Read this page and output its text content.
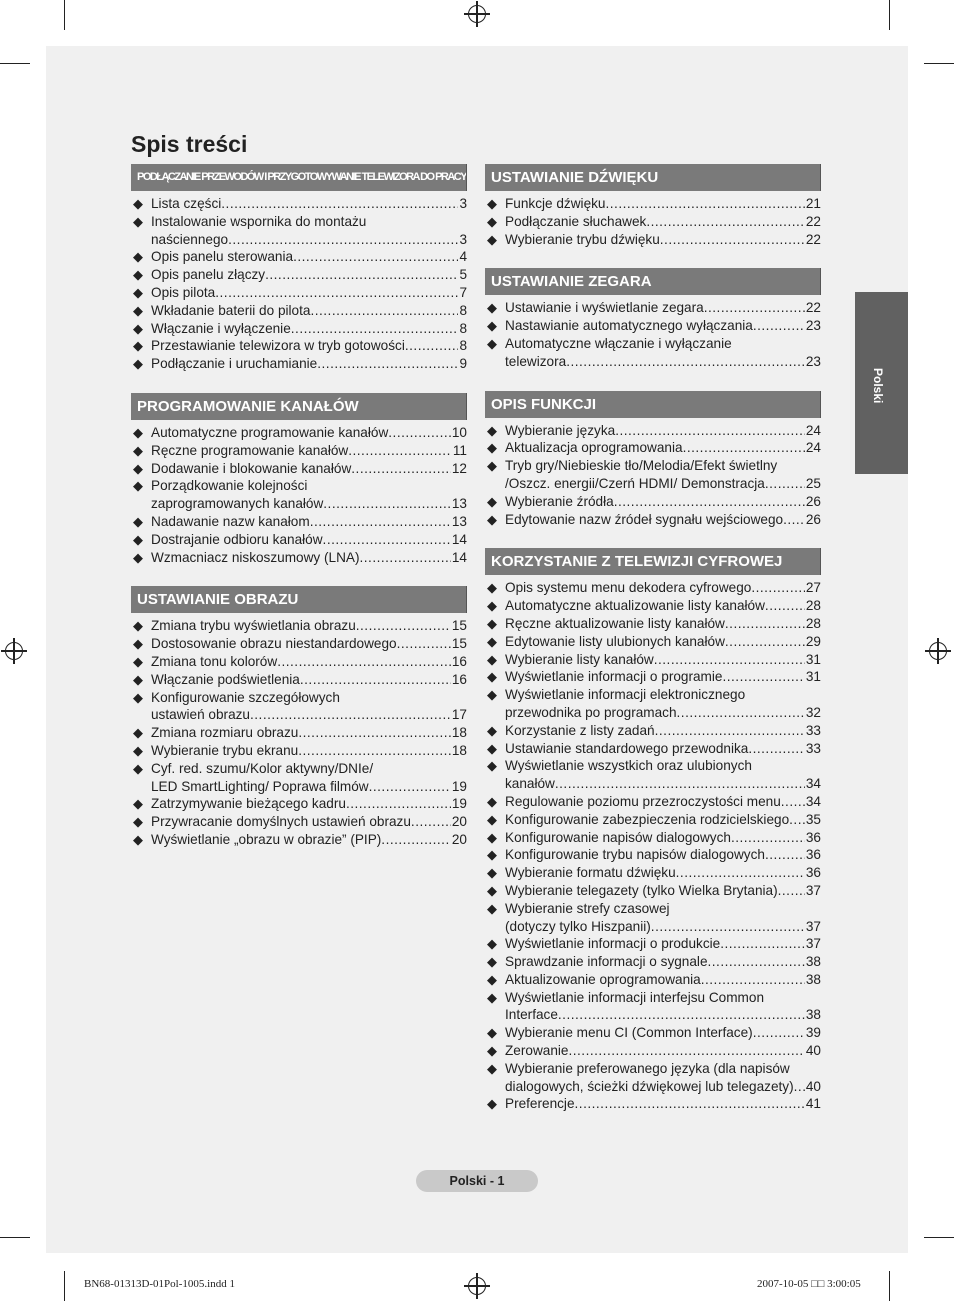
Spis treści
PODŁĄCZANIE PRZEWODÓW I PRZYGOTOWYWANIE TELEWIZORA DO PRACY
◆ Lista części .....	3
◆ Instalowanie wspornika do montażu
naściennego .....	3
◆ Opis panelu sterowania .....	4
◆ Opis panelu złączy .....	5
◆ Opis pilota .....	7
◆ Wkładanie baterii do pilota .....	8
◆ Włączanie i wyłączenie .....	8
◆ Przestawianie telewizora w tryb gotowości .....	8
◆ Podłączanie i uruchamianie .....	9
PROGRAMOWANIE KANAŁÓW
◆ Automatyczne programowanie kanałów .....	10
◆ Ręczne programowanie kanałów .....	11
◆ Dodawanie i blokowanie kanałów .....	12
◆ Porządkowanie kolejności
zaprogramowanych kanałów .....	13
◆ Nadawanie nazw kanałom .....	13
◆ Dostrajanie odbioru kanałów .....	14
◆ Wzmacniacz niskoszumowy (LNA) .....	14
USTAWIANIE OBRAZU
◆ Zmiana trybu wyświetlania obrazu .....	15
◆ Dostosowanie obrazu niestandardowego .....	15
◆ Zmiana tonu kolorów .....	16
◆ Włączanie podświetlenia .....	16
◆ Konfigurowanie szczegółowych
ustawień obrazu .....	17
◆ Zmiana rozmiaru obrazu .....	18
◆ Wybieranie trybu ekranu .....	18
◆ Cyf. red. szumu/Kolor aktywny/DNIe/
LED SmartLighting/ Poprawa filmów .....	19
◆ Zatrzymywanie bieżącego kadru .....	19
◆ Przywracanie domyślnych ustawień obrazu .....	20
◆ Wyświetlanie „obrazu w obrazie” (PIP) .....	20
USTAWIANIE DŹWIĘKU
◆ Funkcje dźwięku .....	21
◆ Podłączanie słuchawek .....	22
◆ Wybieranie trybu dźwięku .....	22
USTAWIANIE ZEGARA
◆ Ustawianie i wyświetlanie zegara .....	22
◆ Nastawianie automatycznego wyłączania .....	23
◆ Automatyczne włączanie i wyłączanie
telewizora .....	23
OPIS FUNKCJI
◆ Wybieranie języka .....	24
◆ Aktualizacja oprogramowania .....	24
◆ Tryb gry/Niebieskie tło/Melodia/Efekt świetlny
/Oszcz. energii/Czerń HDMI/ Demonstracja .....	25
◆ Wybieranie źródła .....	26
◆ Edytowanie nazw źródeł sygnału wejściowego ..... 26
KORZYSTANIE Z TELEWIZJI CYFROWEJ
◆ Opis systemu menu dekodera cyfrowego .....	27
◆ Automatyczne aktualizowanie listy kanałów .....	28
◆ Ręczne aktualizowanie listy kanałów .....	28
◆ Edytowanie listy ulubionych kanałów .....	29
◆ Wybieranie listy kanałów .....	31
◆ Wyświetlanie informacji o programie .....	31
◆ Wyświetlanie informacji elektronicznego
przewodnika po programach .....	32
◆ Korzystanie z listy zadań .....	33
◆ Ustawianie standardowego przewodnika .....	33
◆ Wyświetlanie wszystkich oraz ulubionych
kanałów .....	34
◆ Regulowanie poziomu przezroczystości menu ..... 34
◆ Konfigurowanie zabezpieczenia rodzicielskiego ..... 35
◆ Konfigurowanie napisów dialogowych .....	36
◆ Konfigurowanie trybu napisów dialogowych .....	36
◆ Wybieranie formatu dźwięku .....	36
◆ Wybieranie telegazety (tylko Wielka Brytania) ..... 37
◆ Wybieranie strefy czasowej
(dotyczy tylko Hiszpanii) .....	37
◆ Wyświetlanie informacji o produkcie .....	37
◆ Sprawdzanie informacji o sygnale .....	38
◆ Aktualizowanie oprogramowania .....	38
◆ Wyświetlanie informacji interfejsu Common
Interface .....	38
◆ Wybieranie menu CI (Common Interface) .....	39
◆ Zerowanie .....	40
◆ Wybieranie preferowanego języka (dla napisów
dialogowych, ścieżki dźwiękowej lub telegazety) ..... 40
◆ Preferencje .....	41
Polski
Polski - 1
BN68-01313D-01Pol-1005.indd 1	2007-10-05 □□ 3:00:05
